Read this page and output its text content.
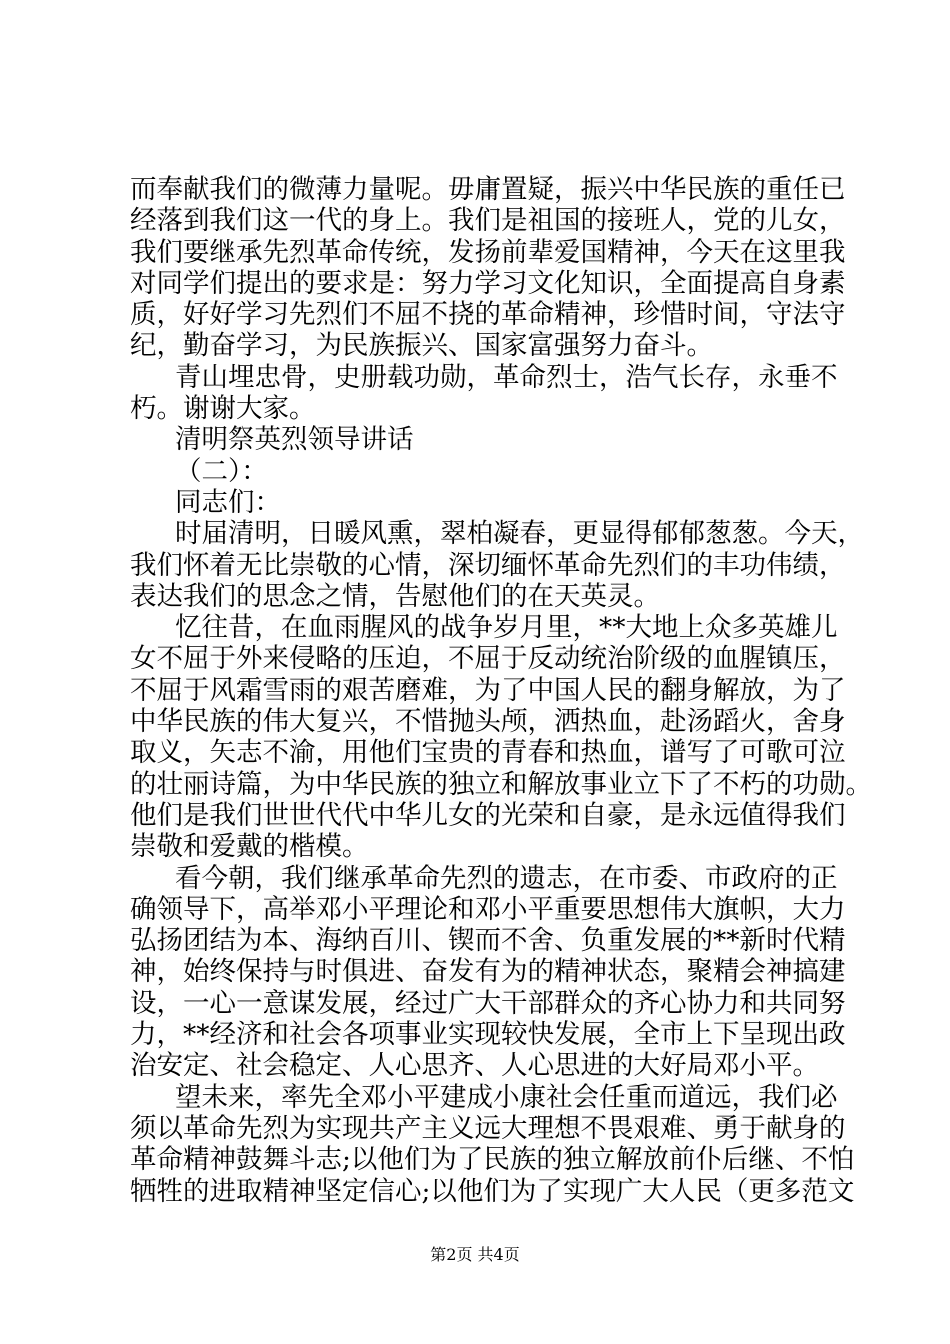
而奉献我们的微薄力量呢。毋庸置疑，振兴中华民族的重任已
经落到我们这一代的身上。我们是祖国的接班人，党的儿女，
我们要继承先烈革命传统，发扬前辈爱国精神，今天在这里我
对同学们提出的要求是：努力学习文化知识，全面提高自身素
质，好好学习先烈们不屈不挠的革命精神，珍惜时间，守法守
纪，勤奋学习，为民族振兴、国家富强努力奋斗。
青山埋忠骨，史册载功勋，革命烈士，浩气长存，永垂不
朽。谢谢大家。
清明祭英烈领导讲话
（二）：
同志们：
时届清明，日暖风熏，翠柏凝春，更显得郁郁葱葱。今天，
我们怀着无比崇敬的心情，深切缅怀革命先烈们的丰功伟绩，
表达我们的思念之情，告慰他们的在天英灵。
忆往昔，在血雨腥风的战争岁月里，**大地上众多英雄儿
女不屈于外来侵略的压迫，不屈于反动统治阶级的血腥镇压，
不屈于风霜雪雨的艰苦磨难，为了中国人民的翻身解放，为了
中华民族的伟大复兴，不惜抛头颅，洒热血，赴汤蹈火，舍身
取义，矢志不渝，用他们宝贵的青春和热血，谱写了可歌可泣
的壮丽诗篇，为中华民族的独立和解放事业立下了不朽的功勋。
他们是我们世世代代中华儿女的光荣和自豪，是永远值得我们
崇敬和爱戴的楷模。
看今朝，我们继承革命先烈的遗志，在市委、市政府的正
确领导下，高举邓小平理论和邓小平重要思想伟大旗帜，大力
弘扬团结为本、海纳百川、锲而不舍、负重发展的**新时代精
神，始终保持与时俱进、奋发有为的精神状态，聚精会神搞建
设，一心一意谋发展，经过广大干部群众的齐心协力和共同努
力，**经济和社会各项事业实现较快发展，全市上下呈现出政
治安定、社会稳定、人心思齐、人心思进的大好局邓小平。
望未来，率先全邓小平建成小康社会任重而道远，我们必
须以革命先烈为实现共产主义远大理想不畏艰难、勇于献身的
革命精神鼓舞斗志;以他们为了民族的独立解放前仆后继、不怕
牺牲的进取精神坚定信心;以他们为了实现广大人民（更多范文
第2页 共4页
